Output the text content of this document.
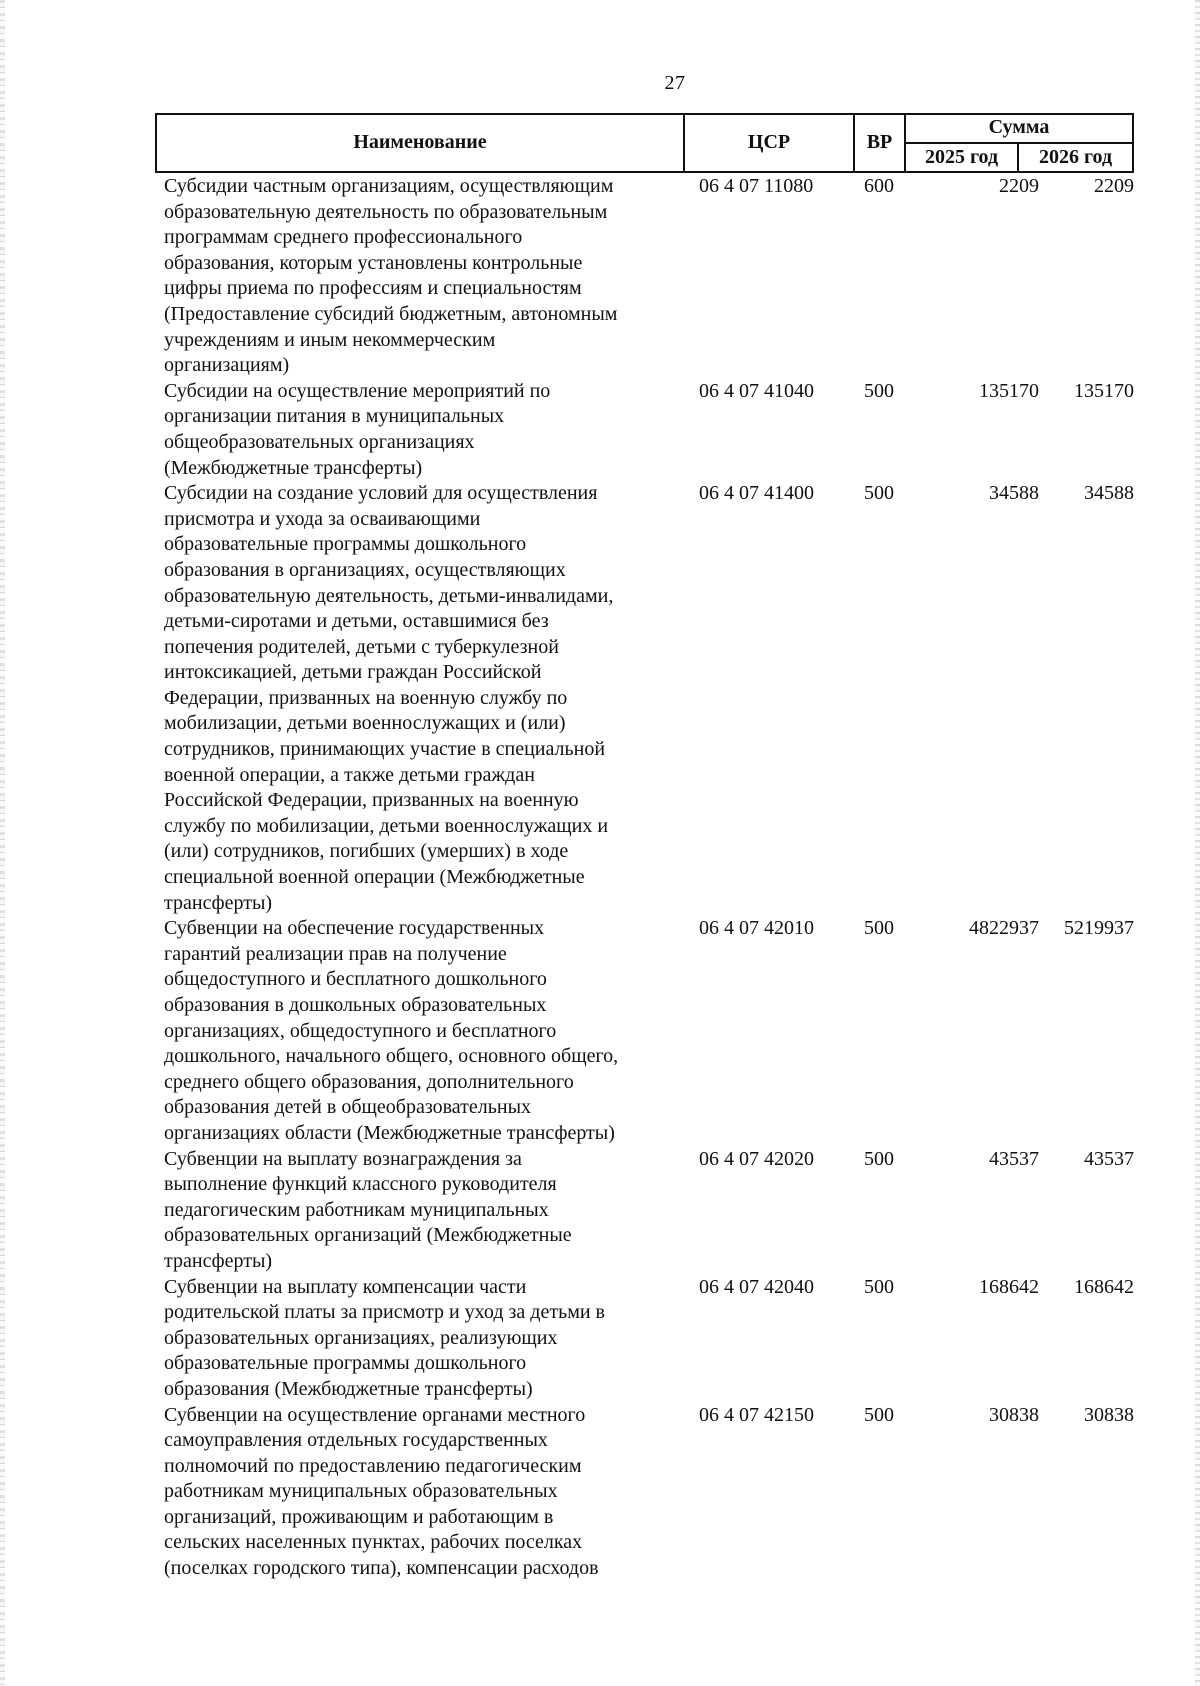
27
Наименование	ЦСР	ВР
Сумма
2025 год	2026 год
Субсидии частным организациям, осуществляющим
образовательную деятельность по образовательным
программам среднего профессионального
образования, которым установлены контрольные
цифры приема по профессиям и специальностям
(Предоставление субсидий бюджетным, автономным
учреждениям и иным некоммерческим
организациям)
06 4 07 11080	600	2209	2209
Субсидии на осуществление мероприятий по
организации питания в муниципальных
общеобразовательных организациях
(Межбюджетные трансферты)
06 4 07 41040	500	135170	135170
Субсидии на создание условий для осуществления
присмотра и ухода за осваивающими
образовательные программы дошкольного
образования в организациях, осуществляющих
образовательную деятельность, детьми-инвалидами,
детьми-сиротами и детьми, оставшимися без
попечения родителей, детьми с туберкулезной
интоксикацией, детьми граждан Российской
Федерации, призванных на военную службу по
мобилизации, детьми военнослужащих и (или)
сотрудников, принимающих участие в специальной
военной операции, а также детьми граждан
Российской Федерации, призванных на военную
службу по мобилизации, детьми военнослужащих и
(или) сотрудников, погибших (умерших) в ходе
специальной военной операции (Межбюджетные
трансферты)
06 4 07 41400	500	34588	34588
Субвенции на обеспечение государственных
гарантий реализации прав на получение
общедоступного и бесплатного дошкольного
образования в дошкольных образовательных
организациях, общедоступного и бесплатного
дошкольного, начального общего, основного общего,
среднего общего образования, дополнительного
образования детей в общеобразовательных
организациях области (Межбюджетные трансферты)
06 4 07 42010	500	4822937	5219937
Субвенции на выплату вознаграждения за
выполнение функций классного руководителя
педагогическим работникам муниципальных
образовательных организаций (Межбюджетные
трансферты)
06 4 07 42020	500	43537	43537
Субвенции на выплату компенсации части
родительской платы за присмотр и уход за детьми в
образовательных организациях, реализующих
образовательные программы дошкольного
образования (Межбюджетные трансферты)
06 4 07 42040	500	168642	168642
Субвенции на осуществление органами местного
самоуправления отдельных государственных
полномочий по предоставлению педагогическим
работникам муниципальных образовательных
организаций, проживающим и работающим в
сельских населенных пунктах, рабочих поселках
(поселках городского типа), компенсации расходов
06 4 07 42150	500	30838	30838
